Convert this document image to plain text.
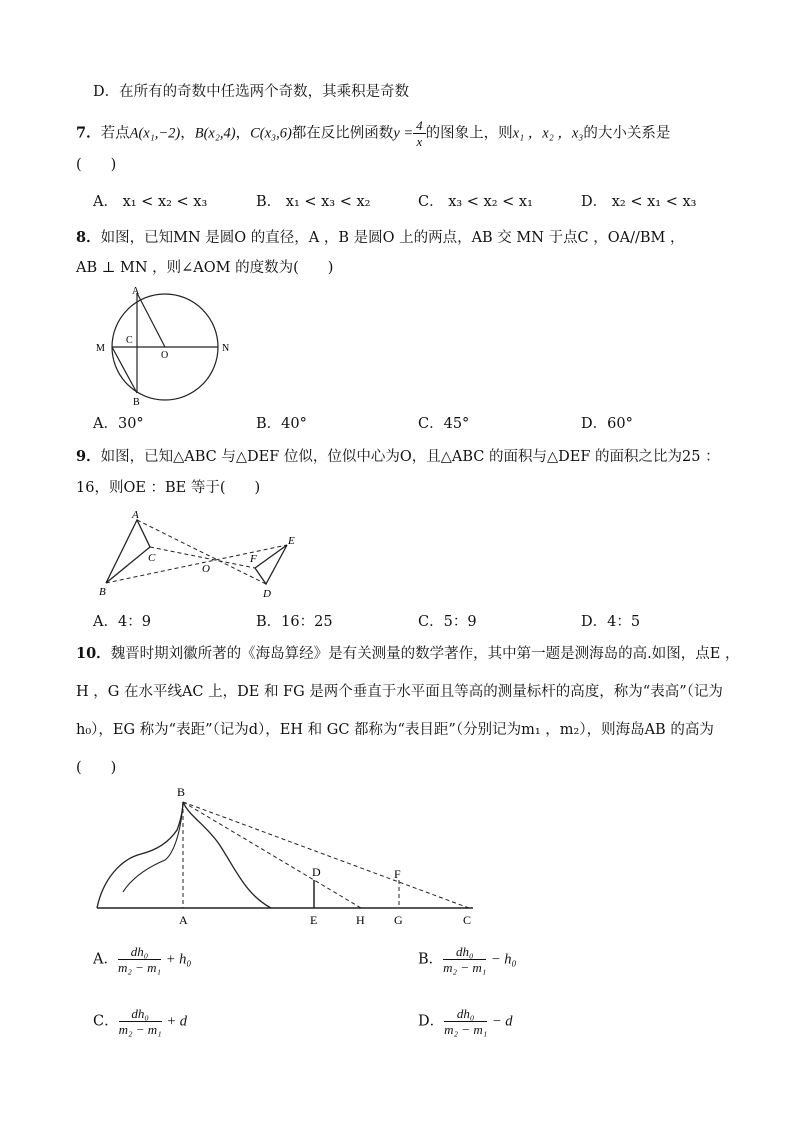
D．在所有的奇数中任选两个奇数，其乘积是奇数
7．若点A(x₁,−2)，B(x₂,4)，C(x₃,6)都在反比例函数$y = \frac{4}{x}$ 的图象上，则x₁ ，x₂ ，x₃的大小关系是
(　　)
A． x₁ < x₂ < x₃	B． x₁ < x₃ < x₂	C． x₃ < x₂ < x₁	D． x₂ < x₁ < x₃
8．如图，已知MN 是圆O 的直径，A ，B 是圆O 上的两点，AB 交 MN 于点C ，OA//BM ，
AB ⊥ MN ，则∠AOM 的度数为(　　)
A
M
C
O
N
B
A．30°	B．40°	C．45°	D．60°
9．如图，已知△ABC 与△DEF 位似，位似中心为O，且△ABC 的面积与△DEF 的面积之比为25 ：
16，则OE ：BE 等于(　　)
A
C
O
F
E
B	D
A．4：9	B．16：25	C．5：9	D．4：5
10．魏晋时期刘徽所著的《海岛算经》是有关测量的数学著作，其中第一题是测海岛的高.如图，点E ，
H ，G 在水平线AC 上，DE 和 FG 是两个垂直于水平面且等高的测量标杆的高度，称为“表高”（记为
h₀），EG 称为“表距”（记为d），EH 和 GC 都称为“表目距”（分别记为m₁ ，m₂），则海岛AB 的高为
(　　)
B
D	F
A	E	H G	C
A． $\frac{\text{dh₀}}{\text{m₂ − m₁}} + h_0$	B． $\frac{\text{dh₀}}{\text{m₂ − m₁}} - h_0$
C． $\frac{\text{dh₀}}{\text{m₂ − m₁}} + d$	D． $\frac{\text{dh₀}}{\text{m₂ − m₁}} - d$
